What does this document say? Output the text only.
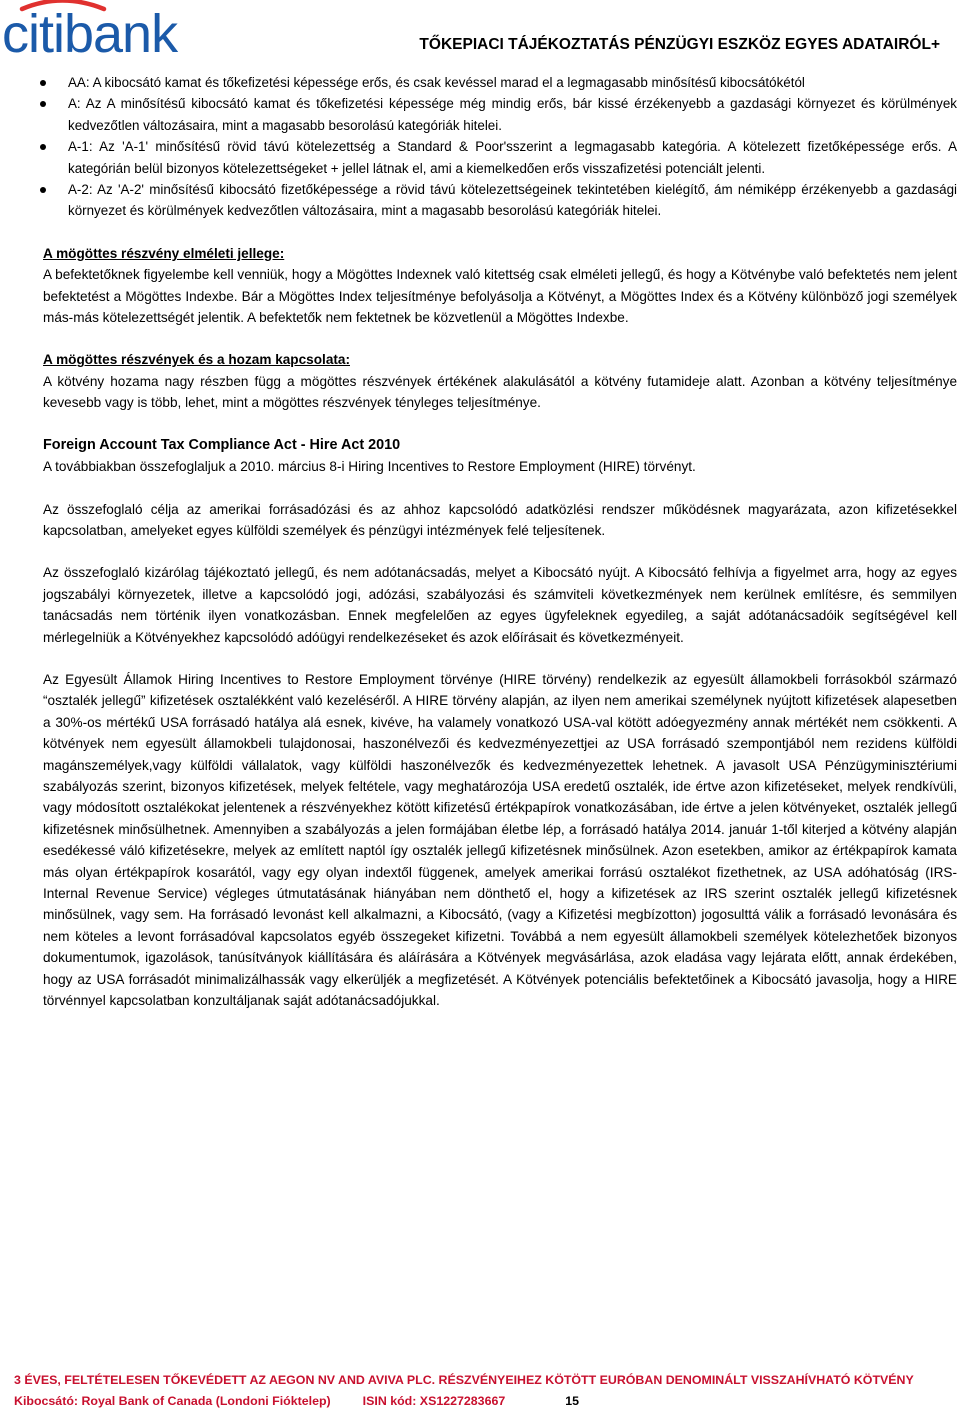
citibank	TŐKEPIACI TÁJÉKOZTATÁS PÉNZÜGYI ESZKÖZ EGYES ADATAIRÓL+
AA: A kibocsátó kamat és tőkefizetési képessége erős, és csak kevéssel marad el a legmagasabb minősítésű kibocsátókétól
A: Az A minősítésű kibocsátó kamat és tőkefizetési képessége még mindig erős, bár kissé érzékenyebb a gazdasági környezet és körülmények kedvezőtlen változásaira, mint a magasabb besorolású kategóriák hitelei.
A-1: Az 'A-1' minősítésű rövid távú kötelezettség a Standard & Poor'sszerint a legmagasabb kategória. A kötelezett fizetőképessége erős. A kategórián belül bizonyos kötelezettségeket + jellel látnak el, ami a kiemelkedően erős visszafizetési potenciált jelenti.
A-2: Az 'A-2' minősítésű kibocsátó fizetőképessége a rövid távú kötelezettségeinek tekintetében kielégítő, ám némiképp érzékenyebb a gazdasági környezet és körülmények kedvezőtlen változásaira, mint a magasabb besorolású kategóriák hitelei.

A mögöttes részvény elméleti jellege:

A befektetőknek figyelembe kell venniük, hogy a Mögöttes Indexnek való kitettség csak elméleti jellegű, és hogy a Kötvénybe való befektetés nem jelent befektetést a Mögöttes Indexbe. Bár a Mögöttes Index teljesítménye befolyásolja a Kötvényt, a Mögöttes Index és a Kötvény különböző jogi személyek más-más kötelezettségét jelentik. A befektetők nem fektetnek be közvetlenül a Mögöttes Indexbe.

A mögöttes részvények és a hozam kapcsolata:

A kötvény hozama nagy részben függ a mögöttes részvények értékének alakulásától a kötvény futamideje alatt. Azonban a kötvény teljesítménye kevesebb vagy is több, lehet, mint a mögöttes részvények tényleges teljesítménye.

Foreign Account Tax Compliance Act - Hire Act 2010

A továbbiakban összefoglaljuk a 2010. március 8-i Hiring Incentives to Restore Employment (HIRE) törvényt.

Az összefoglaló célja az amerikai forrásadózási és az ahhoz kapcsolódó adatközlési rendszer működésnek magyarázata, azon kifizetésekkel kapcsolatban, amelyeket egyes külföldi személyek és pénzügyi intézmények felé teljesítenek.

Az összefoglaló kizárólag tájékoztató jellegű, és nem adótanácsadás, melyet a Kibocsátó nyújt. A Kibocsátó felhívja a figyelmet arra, hogy az egyes jogszabályi környezetek, illetve a kapcsolódó jogi, adózási, szabályozási és számviteli következmények nem kerülnek említésre, és semmilyen tanácsadás nem történik ilyen vonatkozásban. Ennek megfelelően az egyes ügyfeleknek egyedileg, a saját adótanácsadóik segítségével kell mérlegelniük a Kötvényekhez kapcsolódó adóügyi rendelkezéseket és azok előírásait és következményeit.

Az Egyesült Államok Hiring Incentives to Restore Employment törvénye (HIRE törvény) rendelkezik az egyesült államokbeli forrásokból származó “osztalék jellegű” kifizetések osztalékként való kezeléséről. A HIRE törvény alapján, az ilyen nem amerikai személynek nyújtott kifizetések alapesetben a 30%-os mértékű USA forrásadó hatálya alá esnek, kivéve, ha valamely vonatkozó USA-val kötött adóegyezmény annak mértékét nem csökkenti. A kötvények nem egyesült államokbeli tulajdonosai, haszonélvezői és kedvezményezettjei az USA forrásadó szempontjából nem rezidens külföldi magánszemélyek,vagy külföldi vállalatok, vagy külföldi haszonélvezők és kedvezményezettek lehetnek. A javasolt USA Pénzügyminisztériumi szabályozás szerint, bizonyos kifizetések, melyek feltétele, vagy meghatározója USA eredetű osztalék, ide értve azon kifizetéseket, melyek rendkívüli, vagy módosított osztalékokat jelentenek a részvényekhez kötött kifizetésű értékpapírok vonatkozásában, ide értve a jelen kötvényeket, osztalék jellegű kifizetésnek minősülhetnek. Amennyiben a szabályozás a jelen formájában életbe lép, a forrásadó hatálya 2014. január 1-től kiterjed a kötvény alapján esedékessé váló kifizetésekre, melyek az említett naptól így osztalék jellegű kifizetésnek minősülnek. Azon esetekben, amikor az értékpapírok kamata más olyan értékpapírok kosarától, vagy egy olyan indextől függenek, amelyek amerikai forrású osztalékot fizethetnek, az USA adóhatóság (IRS- Internal Revenue Service) végleges útmutatásának hiányában nem dönthető el, hogy a kifizetések az IRS szerint osztalék jellegű kifizetésnek minősülnek, vagy sem. Ha forrásadó levonást kell alkalmazni, a Kibocsátó, (vagy a Kifizetési megbízotton) jogosulttá válik a forrásadó levonására és nem köteles a levont forrásadóval kapcsolatos egyéb összegeket kifizetni. Továbbá a nem egyesült államokbeli személyek kötelezhetőek bizonyos dokumentumok, igazolások, tanúsítványok kiállítására és aláírására a Kötvények megvásárlása, azok eladása vagy lejárata előtt, annak érdekében, hogy az USA forrásadót minimalizálhassák vagy elkerüljék a megfizetését. A Kötvények potenciális befektetőinek a Kibocsátó javasolja, hogy a HIRE törvénnyel kapcsolatban konzultáljanak saját adótanácsadójukkal.

3 ÉVES, FELTÉTELESEN TŐKEVÉDETT AZ AEGON NV AND AVIVA PLC. RÉSZVÉNYEIHEZ KÖTÖTT EURÓBAN DENOMINÁLT VISSZAHÍVHATÓ KÖTVÉNY
Kibocsátó: Royal Bank of Canada (Londoni Fióktelep)	ISIN kód: XS1227283667	15
